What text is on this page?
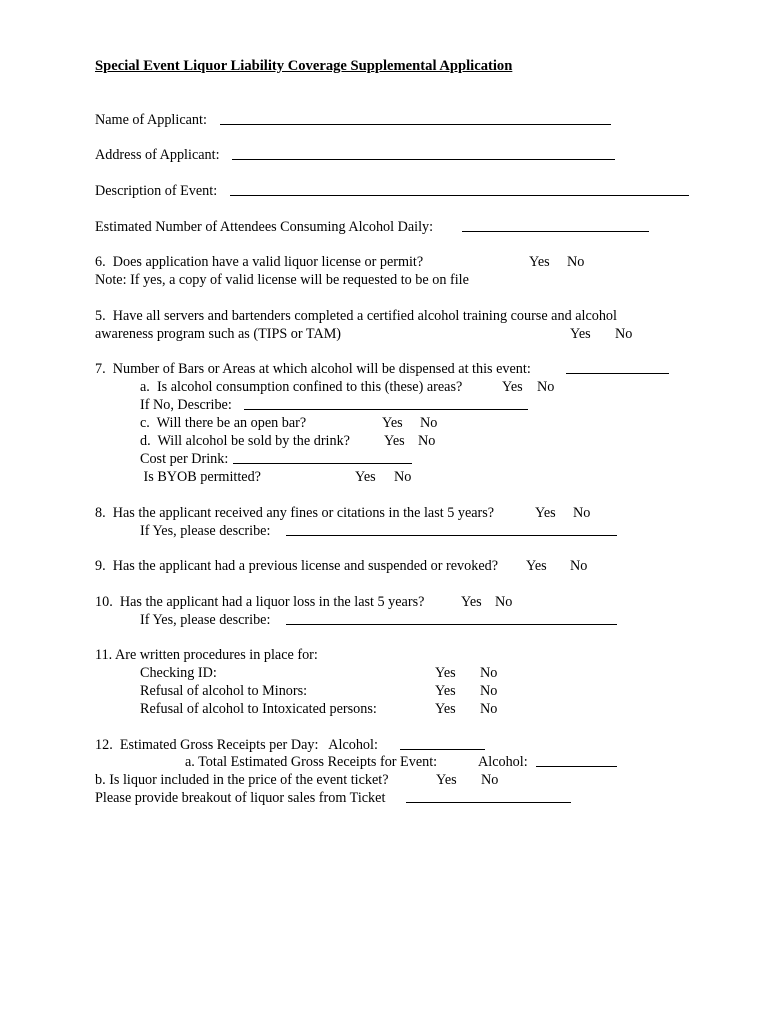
Special Event Liquor Liability Coverage Supplemental Application
Name of Applicant:
Address of Applicant:
Description of Event:
Estimated Number of Attendees Consuming Alcohol Daily:
6.  Does application have a valid liquor license or permit?	Yes No
Note: If yes, a copy of valid license will be requested to be on file
5.  Have all servers and bartenders completed a certified alcohol training course and alcohol
awareness program such as (TIPS or TAM)	Yes No
7.  Number of Bars or Areas at which alcohol will be dispensed at this event:
a.  Is alcohol consumption confined to this (these) areas?	Yes No
If No, Describe:
c.  Will there be an open bar?	Yes No
d.  Will alcohol be sold by the drink? Yes No
Cost per Drink:
Is BYOB permitted?	Yes No
8.  Has the applicant received any fines or citations in the last 5 years?	Yes No
If Yes, please describe:
9.  Has the applicant had a previous license and suspended or revoked? Yes No
10.  Has the applicant had a liquor loss in the last 5 years?	Yes No
If Yes, please describe:
11. Are written procedures in place for:
Checking ID:	Yes No
Refusal of alcohol to Minors:	Yes No
Refusal of alcohol to Intoxicated persons:	Yes No
12.  Estimated Gross Receipts per Day:   Alcohol:
a. Total Estimated Gross Receipts for Event:	Alcohol:
b. Is liquor included in the price of the event ticket?	Yes No
Please provide breakout of liquor sales from Ticket
